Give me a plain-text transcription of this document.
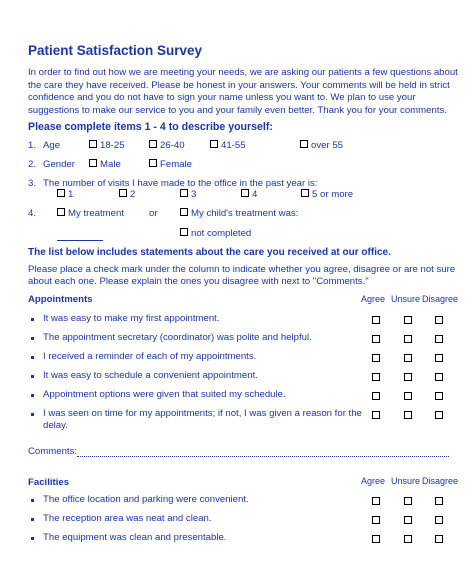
Patient Satisfaction Survey
In order to find out how we are meeting your needs, we are asking our patients a few questions about
the care they have received. Please be honest in your answers. Your comments will be held in strict
confidence and you do not have to sign your name unless you want to. We plan to use your
suggestions to make our service to you and your family even better. Thank you for your comments.
Please complete items 1 - 4 to describe yourself:
1. Age	18-25	26-40	41-55	over 55
2. Gender	Male	Female
3. The number of visits I have made to the office in the past year is:
1	2	3	4	5 or more
4.	My treatment	or	My child's treatment was:
not completed
The list below includes statements about the care you received at our office.
Please place a check mark under the column to indicate whether you agree, disagree or are not sure
about each one. Please explain the ones you disagree with next to "Comments."
Appointments	Agree Unsure Disagree
It was easy to make my first appointment.
The appointment secretary (coordinator) was polite and helpful.
I received a reminder of each of my appointments.
It was easy to schedule a convenient appointment.
Appointment options were given that suited my schedule.
I was seen on time for my appointments; if not, I was given a reason for the
delay.
Comments:
Facilities	Agree Unsure Disagree
The office location and parking were convenient.
The reception area was neat and clean.
The equipment was clean and presentable.
